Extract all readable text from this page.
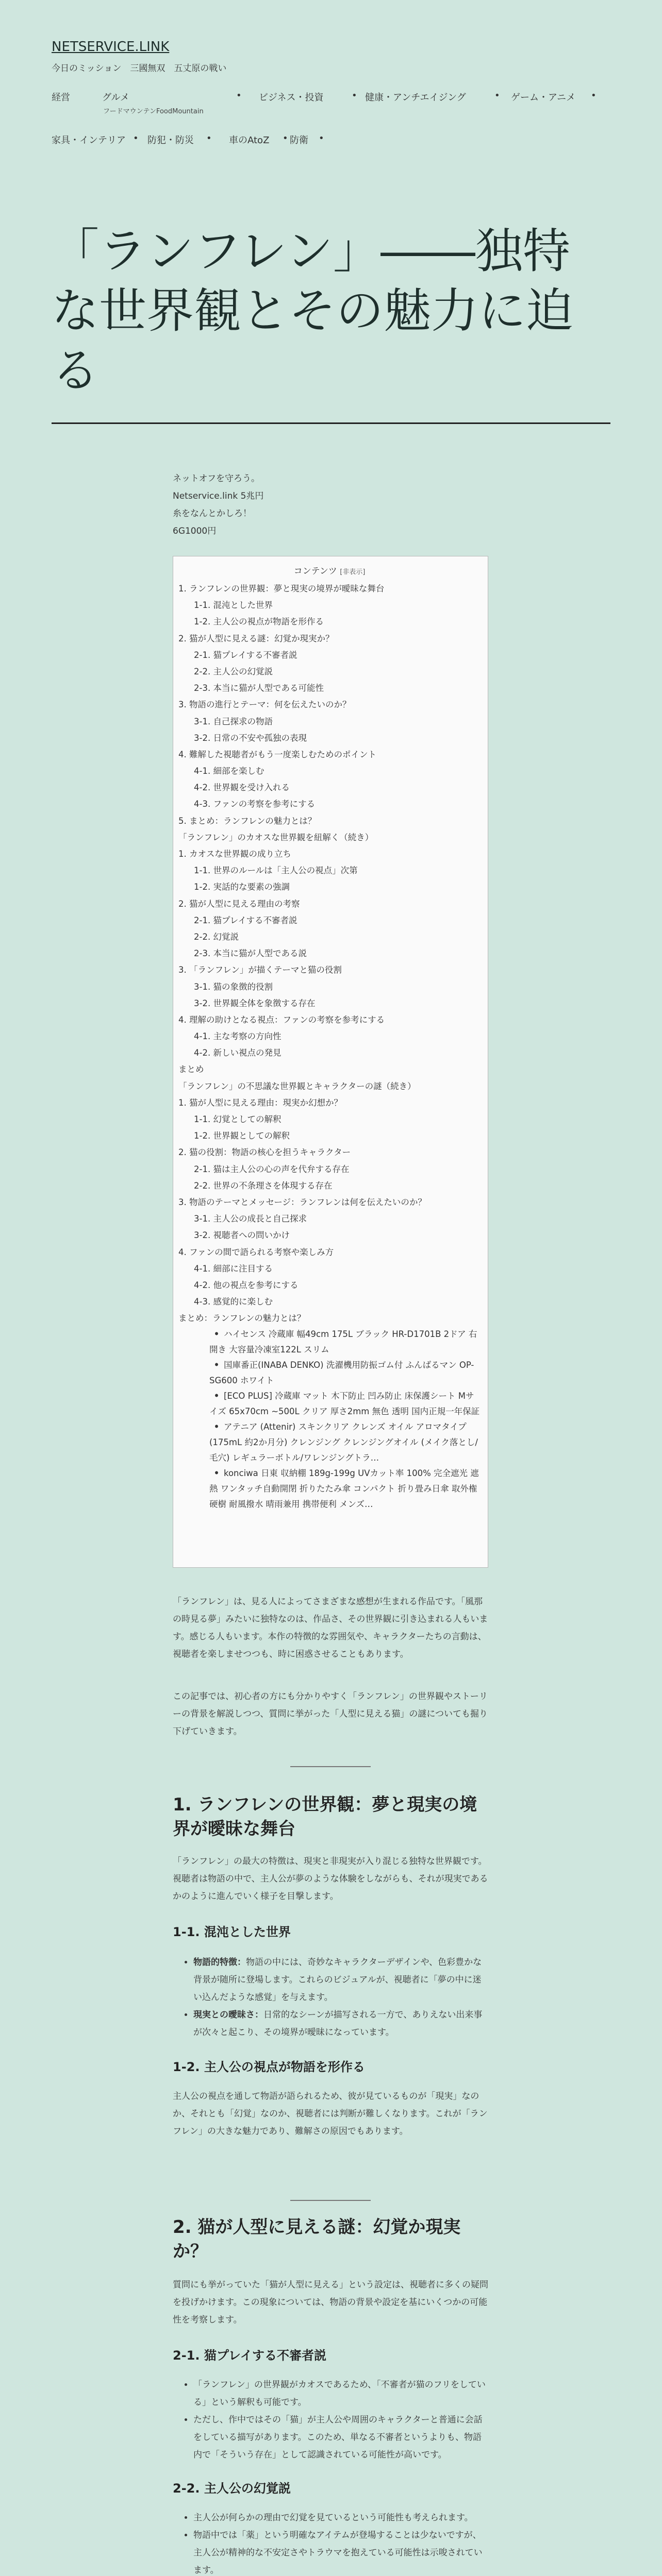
NETSERVICE.LINK
今日のミッション　三國無双　五丈原の戦い
経営	グルメ
フードマウンテンFoodMountain
• ビジネス・投資	• 健康・アンチエイジング	• ゲーム・アニメ •
家具・インテリア • 防犯・防災 • 車のAtoZ • 防衛 •
「ランフレン」――独特な世界観とその魅力に迫る
ネットオフを守ろう。
Netservice.link 5兆円
糸をなんとかしろ！
6G1000円
コンテンツ [非表示]
1. ランフレンの世界観：夢と現実の境界が曖昧な舞台
1-1. 混沌とした世界
1-2. 主人公の視点が物語を形作る
2. 猫が人型に見える謎：幻覚か現実か？
2-1. 猫プレイする不審者説
2-2. 主人公の幻覚説
2-3. 本当に猫が人型である可能性
3. 物語の進行とテーマ：何を伝えたいのか？
3-1. 自己探求の物語
3-2. 日常の不安や孤独の表現
4. 難解した視聴者がもう一度楽しむためのポイント
4-1. 細部を楽しむ
4-2. 世界観を受け入れる
4-3. ファンの考察を参考にする
5. まとめ：ランフレンの魅力とは？
「ランフレン」のカオスな世界観を紐解く（続き）
1. カオスな世界観の成り立ち
1-1. 世界のルールは「主人公の視点」次第
1-2. 実話的な要素の強調
2. 猫が人型に見える理由の考察
2-1. 猫プレイする不審者説
2-2. 幻覚説
2-3. 本当に猫が人型である説
3. 「ランフレン」が描くテーマと猫の役割
3-1. 猫の象徴的役割
3-2. 世界観全体を象徴する存在
4. 理解の助けとなる視点：ファンの考察を参考にする
4-1. 主な考察の方向性
4-2. 新しい視点の発見
まとめ
「ランフレン」の不思議な世界観とキャラクターの謎（続き）
1. 猫が人型に見える理由：現実か幻想か？
1-1. 幻覚としての解釈
1-2. 世界観としての解釈
2. 猫の役割：物語の核心を担うキャラクター
2-1. 猫は主人公の心の声を代弁する存在
2-2. 世界の不条理さを体現する存在
3. 物語のテーマとメッセージ：ランフレンは何を伝えたいのか？
3-1. 主人公の成長と自己探求
3-2. 視聴者への問いかけ
4. ファンの間で語られる考察や楽しみ方
4-1. 細部に注目する
4-2. 他の視点を参考にする
4-3. 感覚的に楽しむ
まとめ：ランフレンの魅力とは？
• ハイセンス 冷蔵庫 幅49cm 175L ブラック HR-D1701B 2ドア 右開き 大容量冷凍室122L スリム
• 国庫番正(INABA DENKO) 洗濯機用防振ゴム付 ふんばるマン OP-SG600 ホワイト
• [ECO PLUS] 冷蔵庫 マット 木下防止 凹み防止 床保護シート Mサイズ 65x70cm ~500L クリア 厚さ2mm 無色 透明 国内正規一年保証
• アテニア (Attenir) スキンクリア クレンズ オイル アロマタイプ (175mL 約2か月分) クレンジング クレンジングオイル (メイク落とし/毛穴) レギュラーボトル/ワレンジングトラ…
• konciwa 日東 収納棚 189g-199g UVカット率 100% 完全遮光 遮熱 ワンタッチ自動開閉 折りたたみ傘 コンパクト 折り畳み日傘 取外権硬樹 耐風撥水 晴雨兼用 携帯便利 メンズ…

「ランフレン」は、見る人によってさまざまな感想が生まれる作品です。「風那の時見る夢」みたいに独特なのは、作品さ、その世界観に引き込まれる人もいます。感じる人もいます。本作の特徴的な雰囲気や、キャラクターたちの言動は、視聴者を楽しませつつも、時に困惑させることもあります。

この記事では、初心者の方にも分かりやすく「ランフレン」の世界観やストーリーの背景を解説しつつ、質問に挙がった「人型に見える猫」の謎についても掘り下げていきます。

1. ランフレンの世界観：夢と現実の境界が曖昧な舞台

「ランフレン」の最大の特徴は、現実と非現実が入り混じる独特な世界観です。視聴者は物語の中で、主人公が夢のような体験をしながらも、それが現実であるかのように進んでいく様子を目撃します。

1-1. 混沌とした世界
• 物語的特徴：物語の中には、奇妙なキャラクターデザインや、色彩豊かな背景が随所に登場します。これらのビジュアルが、視聴者に「夢の中に迷い込んだような感覚」を与えます。
• 現実との曖昧さ：日常的なシーンが描写される一方で、ありえない出来事が次々と起こり、その境界が曖昧になっています。
1-2. 主人公の視点が物語を形作る

主人公の視点を通して物語が語られるため、彼が見ているものが「現実」なのか、それとも「幻覚」なのか、視聴者には判断が難しくなります。これが「ランフレン」の大きな魅力であり、難解さの原因でもあります。

2. 猫が人型に見える謎：幻覚か現実か？

質問にも挙がっていた「猫が人型に見える」という設定は、視聴者に多くの疑問を投げかけます。この現象については、物語の背景や設定を基にいくつかの可能性を考察します。

2-1. 猫プレイする不審者説
• 「ランフレン」の世界観がカオスであるため、「不審者が猫のフリをしている」という解釈も可能です。
• ただし、作中ではその「猫」が主人公や周囲のキャラクターと普通に会話をしている描写があります。このため、単なる不審者というよりも、物語内で「そういう存在」として認識されている可能性が高いです。
2-2. 主人公の幻覚説
• 主人公が何らかの理由で幻覚を見ているという可能性も考えられます。
• 物語中では「薬」という明確なアイテムが登場することは少ないですが、主人公が精神的な不安定さやトラウマを抱えている可能性は示唆されています。
